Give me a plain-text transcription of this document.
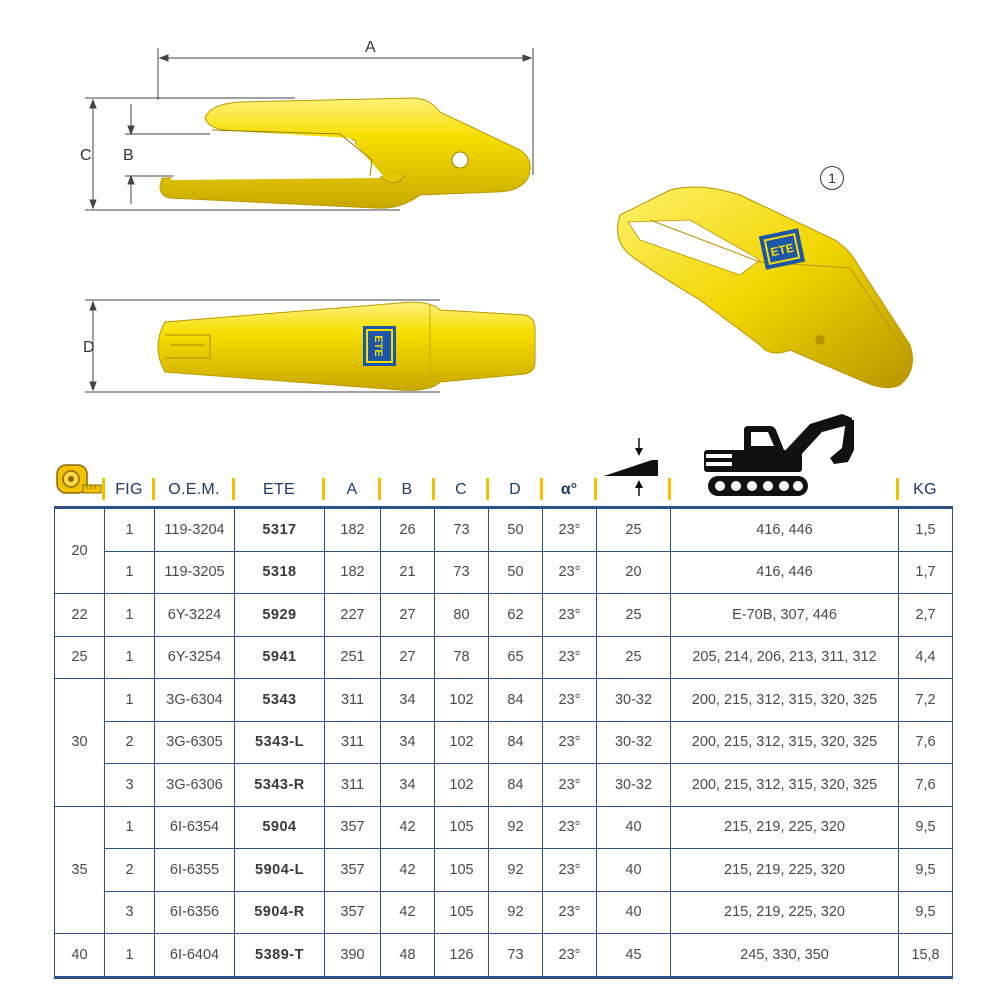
A
C B
D	ETE
ETE
1
FIG	O.E.M.	ETE	A	B	C	D	α°	KG
20	1	119-3204	5317	182	26	73	50	23°	25	416, 446	1,5
	1	119-3205	5318	182	21	73	50	23°	20	416, 446	1,7
22	1	6Y-3224	5929	227	27	80	62	23°	25	E-70B, 307, 446	2,7
25	1	6Y-3254	5941	251	27	78	65	23°	25	205, 214, 206, 213, 311, 312	4,4
30	1	3G-6304	5343	311	34	102	84	23°	30-32	200, 215, 312, 315, 320, 325	7,2
	2	3G-6305	5343-L	311	34	102	84	23°	30-32	200, 215, 312, 315, 320, 325	7,6
	3	3G-6306	5343-R	311	34	102	84	23°	30-32	200, 215, 312, 315, 320, 325	7,6
35	1	6I-6354	5904	357	42	105	92	23°	40	215, 219, 225, 320	9,5
	2	6I-6355	5904-L	357	42	105	92	23°	40	215, 219, 225, 320	9,5
	3	6I-6356	5904-R	357	42	105	92	23°	40	215, 219, 225, 320	9,5
40	1	6I-6404	5389-T	390	48	126	73	23°	45	245, 330, 350	15,8
